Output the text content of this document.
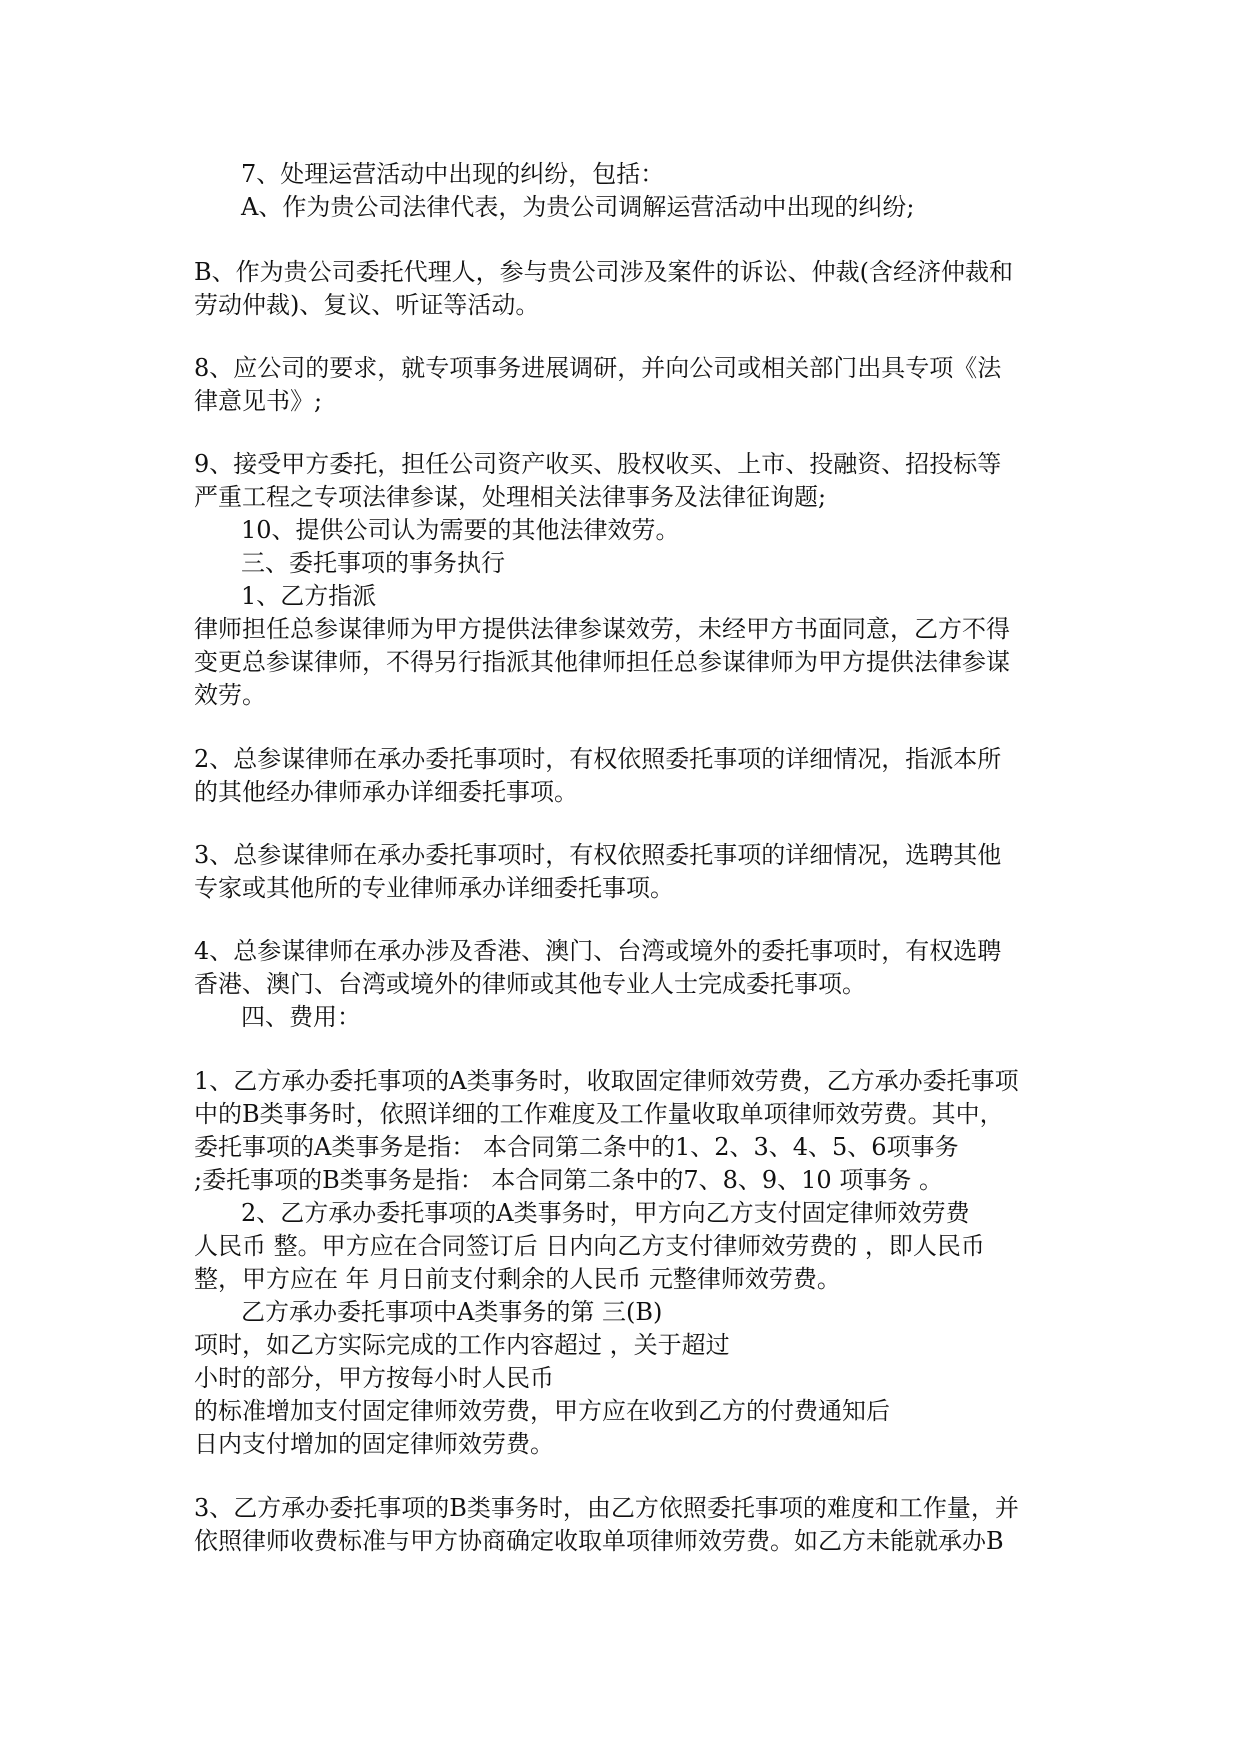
7、处理运营活动中出现的纠纷，包括：
A、作为贵公司法律代表，为贵公司调解运营活动中出现的纠纷;
B、作为贵公司委托代理人，参与贵公司涉及案件的诉讼、仲裁(含经济仲裁和
劳动仲裁)、复议、听证等活动。
8、应公司的要求，就专项事务进展调研，并向公司或相关部门出具专项《法
律意见书》;
9、接受甲方委托，担任公司资产收买、股权收买、上市、投融资、招投标等
严重工程之专项法律参谋，处理相关法律事务及法律征询题;
10、提供公司认为需要的其他法律效劳。
三、委托事项的事务执行
1、乙方指派
律师担任总参谋律师为甲方提供法律参谋效劳，未经甲方书面同意，乙方不得
变更总参谋律师，不得另行指派其他律师担任总参谋律师为甲方提供法律参谋
效劳。
2、总参谋律师在承办委托事项时，有权依照委托事项的详细情况，指派本所
的其他经办律师承办详细委托事项。
3、总参谋律师在承办委托事项时，有权依照委托事项的详细情况，选聘其他
专家或其他所的专业律师承办详细委托事项。
4、总参谋律师在承办涉及香港、澳门、台湾或境外的委托事项时，有权选聘
香港、澳门、台湾或境外的律师或其他专业人士完成委托事项。
四、费用：
1、乙方承办委托事项的A类事务时，收取固定律师效劳费，乙方承办委托事项
中的B类事务时，依照详细的工作难度及工作量收取单项律师效劳费。其中，
委托事项的A类事务是指： 本合同第二条中的1、2、3、4、5、6项事务
;委托事项的B类事务是指： 本合同第二条中的7、8、9、10 项事务 。
2、乙方承办委托事项的A类事务时，甲方向乙方支付固定律师效劳费
人民币 整。甲方应在合同签订后 日内向乙方支付律师效劳费的 ，即人民币
整，甲方应在 年 月日前支付剩余的人民币 元整律师效劳费。
乙方承办委托事项中A类事务的第 三(B)
项时，如乙方实际完成的工作内容超过 ，关于超过
小时的部分，甲方按每小时人民币
的标准增加支付固定律师效劳费，甲方应在收到乙方的付费通知后
日内支付增加的固定律师效劳费。
3、乙方承办委托事项的B类事务时，由乙方依照委托事项的难度和工作量，并
依照律师收费标准与甲方协商确定收取单项律师效劳费。如乙方未能就承办B
